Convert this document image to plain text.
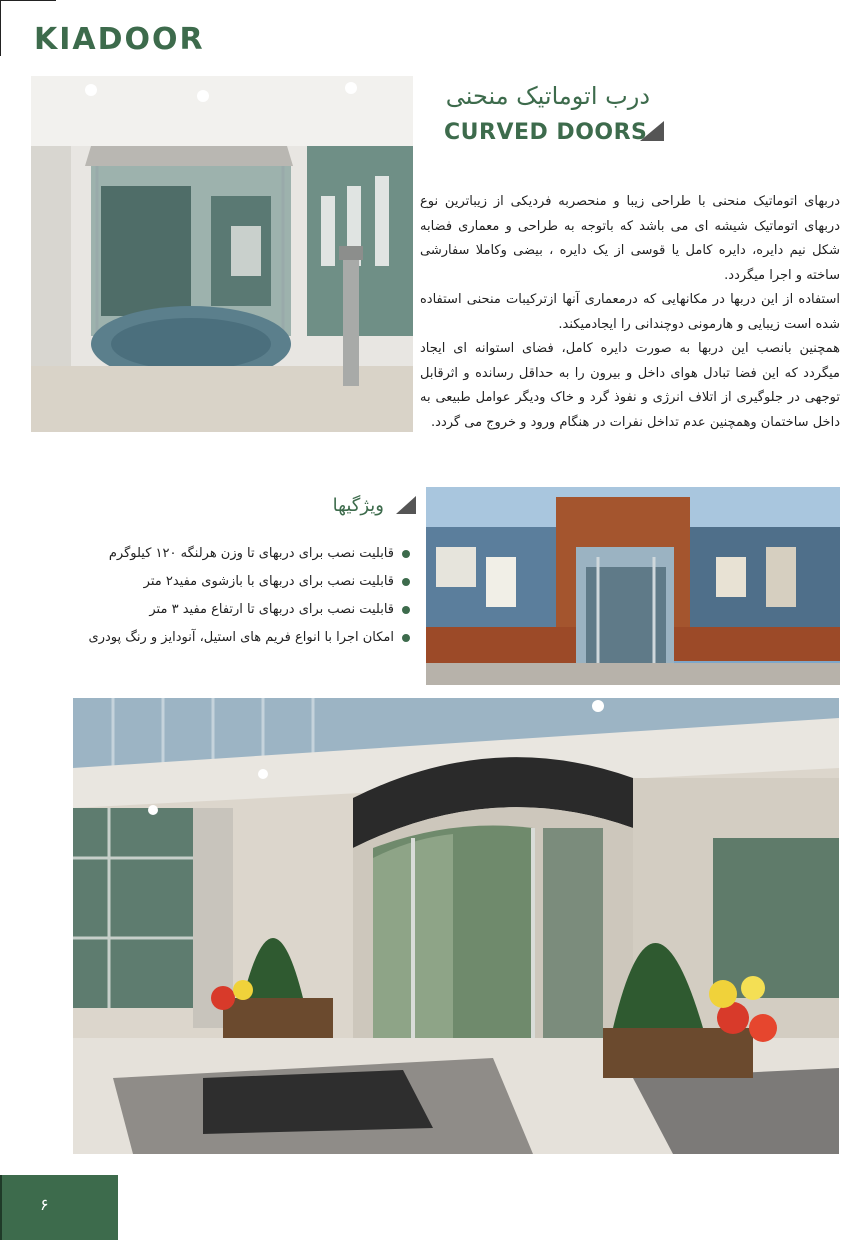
KIADOOR
درب اتوماتیک منحنی
CURVED DOORS

دربهای اتوماتیک منحنی با طراحی زیبا و منحصربه فردیکی از زیباترین نوع دربهای اتوماتیک شیشه ای می باشد که باتوجه به طراحی و معماری فضابه شکل نیم دایره، دایره کامل یا قوسی از یک دایره ، بیضی وکاملا سفارشی ساخته و اجرا میگردد.

استفاده از این دربها در مکانهایی که درمعماری آنها ازترکیبات منحنی استفاده شده است زیبایی و هارمونی دوچندانی را ایجادمیکند.

همچنین بانصب این دربها به صورت دایره کامل، فضای استوانه ای ایجاد میگردد که این فضا تبادل هوای داخل و بیرون را به حداقل رسانده و اثرقابل توجهی در جلوگیری از اتلاف انرژی و نفوذ گرد و خاک ودیگر عوامل طبیعی به داخل ساختمان وهمچنین عدم تداخل نفرات در هنگام ورود و خروج می گردد.

ویژگیها
قابلیت نصب برای دربهای تا وزن هرلنگه ۱۲۰ کیلوگرم
قابلیت نصب برای دربهای با بازشوی مفید۲ متر
قابلیت نصب برای دربهای تا ارتفاع مفید ۳ متر
امکان اجرا با انواع فریم های استیل، آنودایز و رنگ پودری
۶
